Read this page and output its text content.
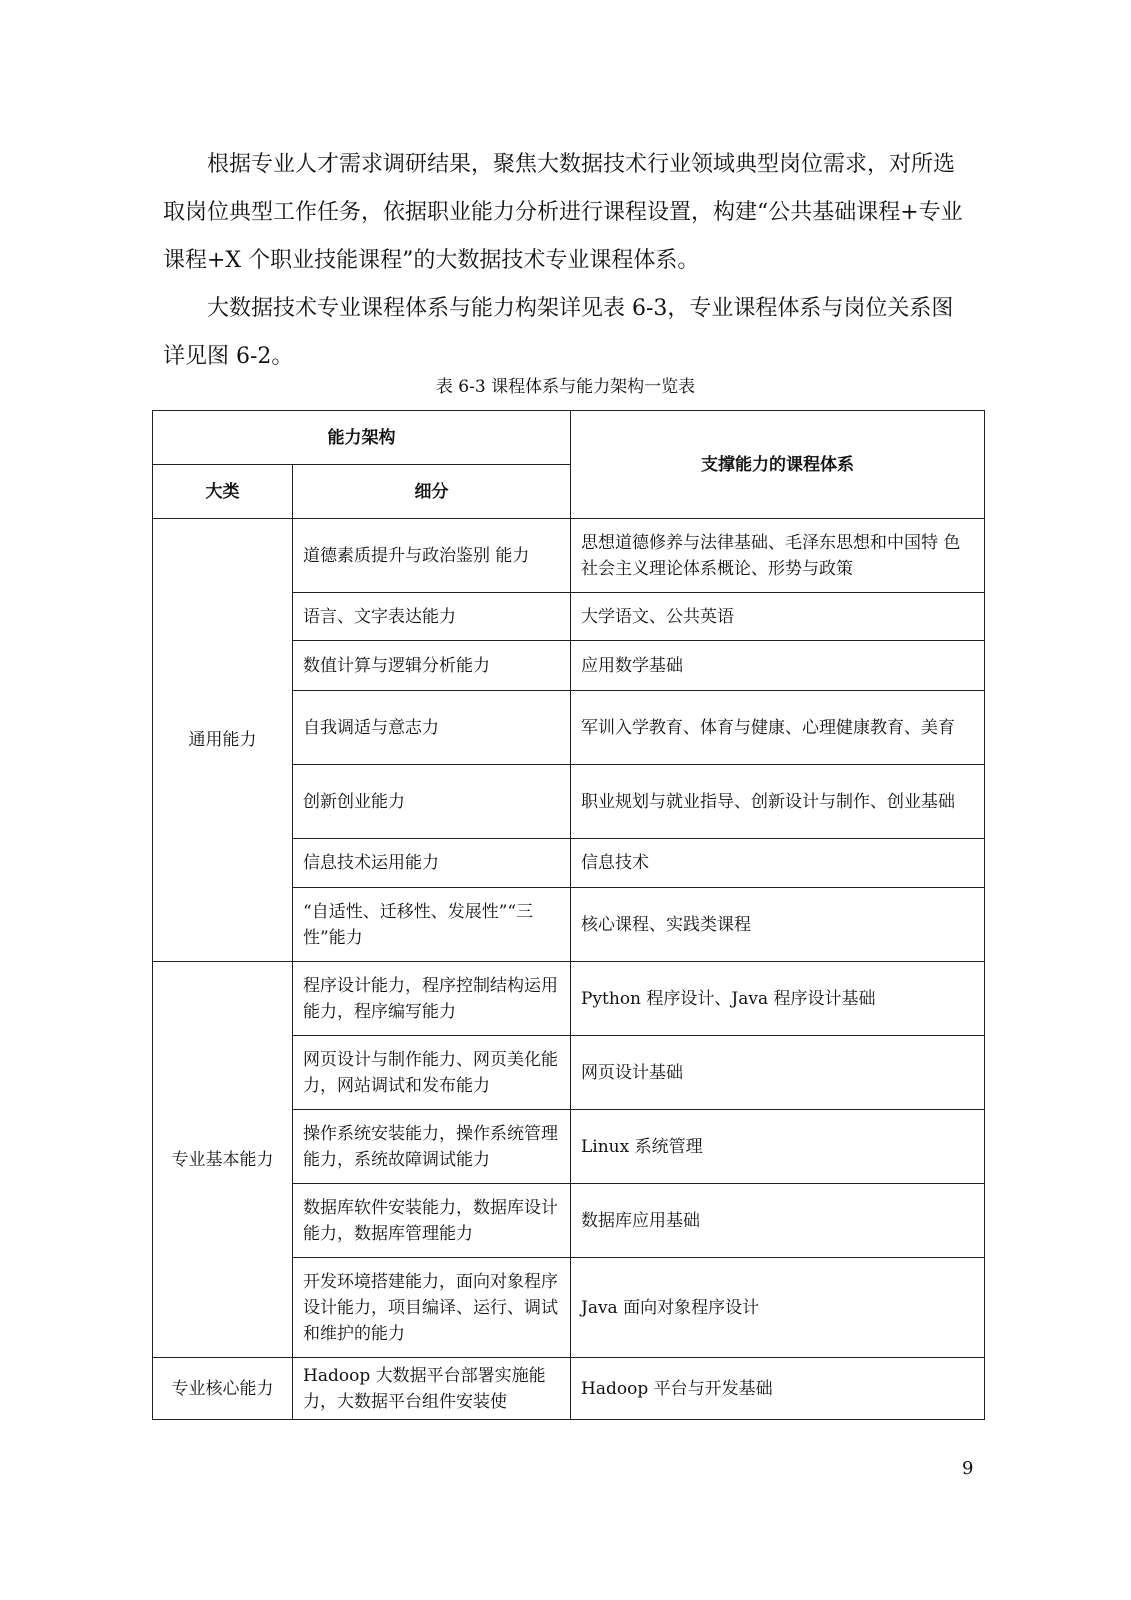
根据专业人才需求调研结果，聚焦大数据技术行业领域典型岗位需求，对所选取岗位典型工作任务，依据职业能力分析进行课程设置，构建“公共基础课程+专业课程+X 个职业技能课程”的大数据技术专业课程体系。

大数据技术专业课程体系与能力构架详见表 6-3，专业课程体系与岗位关系图详见图 6-2。

表 6-3 课程体系与能力架构一览表
能力架构		支撑能力的课程体系
大类	细分	
通用能力	道德素质提升与政治鉴别 能力	思想道德修养与法律基础、毛泽东思想和中国特 色社会主义理论体系概论、形势与政策
	语言、文字表达能力	大学语文、公共英语
	数值计算与逻辑分析能力	应用数学基础
	自我调适与意志力	军训入学教育、体育与健康、心理健康教育、美育
	创新创业能力	职业规划与就业指导、创新设计与制作、创业基础
	信息技术运用能力	信息技术
	“自适性、迁移性、发展性”“三性”能力	核心课程、实践类课程
专业基本能力	程序设计能力，程序控制结构运用能力，程序编写能力	Python 程序设计、Java 程序设计基础
	网页设计与制作能力、网页美化能力，网站调试和发布能力	网页设计基础
	操作系统安装能力，操作系统管理能力，系统故障调试能力	Linux 系统管理
	数据库软件安装能力，数据库设计能力，数据库管理能力	数据库应用基础
	开发环境搭建能力，面向对象程序设计能力，项目编译、运行、调试和维护的能力	Java 面向对象程序设计
专业核心能力	Hadoop 大数据平台部署实施能力，大数据平台组件安装使	Hadoop 平台与开发基础
9
